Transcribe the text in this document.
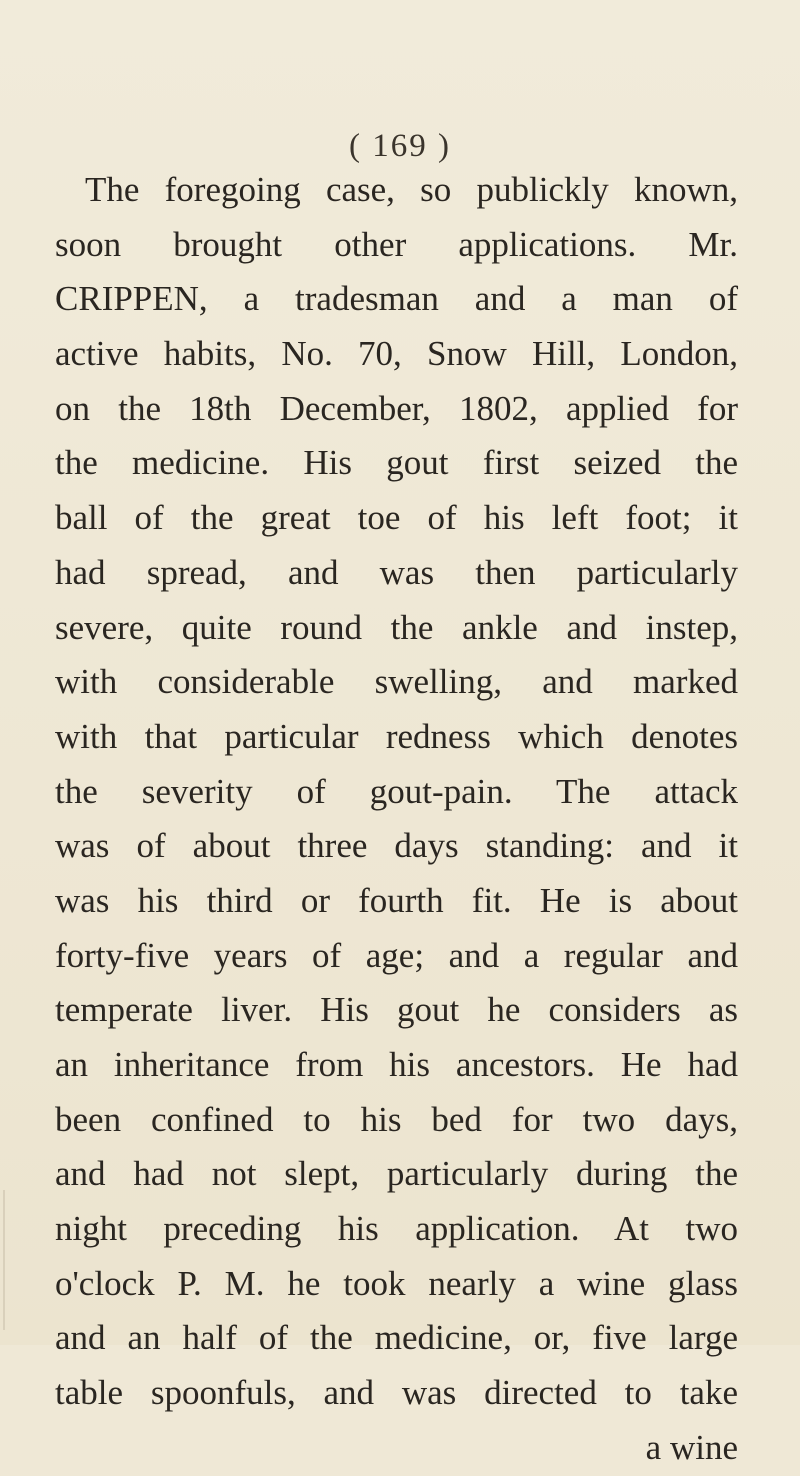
( 169 )
The foregoing case, so publickly known,
soon brought other applications. Mr.
CRIPPEN, a tradesman and a man of
active habits, No. 70, Snow Hill, London,
on the 18th December, 1802, applied for
the medicine. His gout first seized the
ball of the great toe of his left foot; it
had spread, and was then particularly
severe, quite round the ankle and instep,
with considerable swelling, and marked
with that particular redness which denotes
the severity of gout-pain. The attack
was of about three days standing: and it
was his third or fourth fit. He is about
forty-five years of age; and a regular and
temperate liver. His gout he considers as
an inheritance from his ancestors. He had
been confined to his bed for two days,
and had not slept, particularly during the
night preceding his application. At two
o'clock P. M. he took nearly a wine glass
and an half of the medicine, or, five large
table spoonfuls, and was directed to take
a wine
